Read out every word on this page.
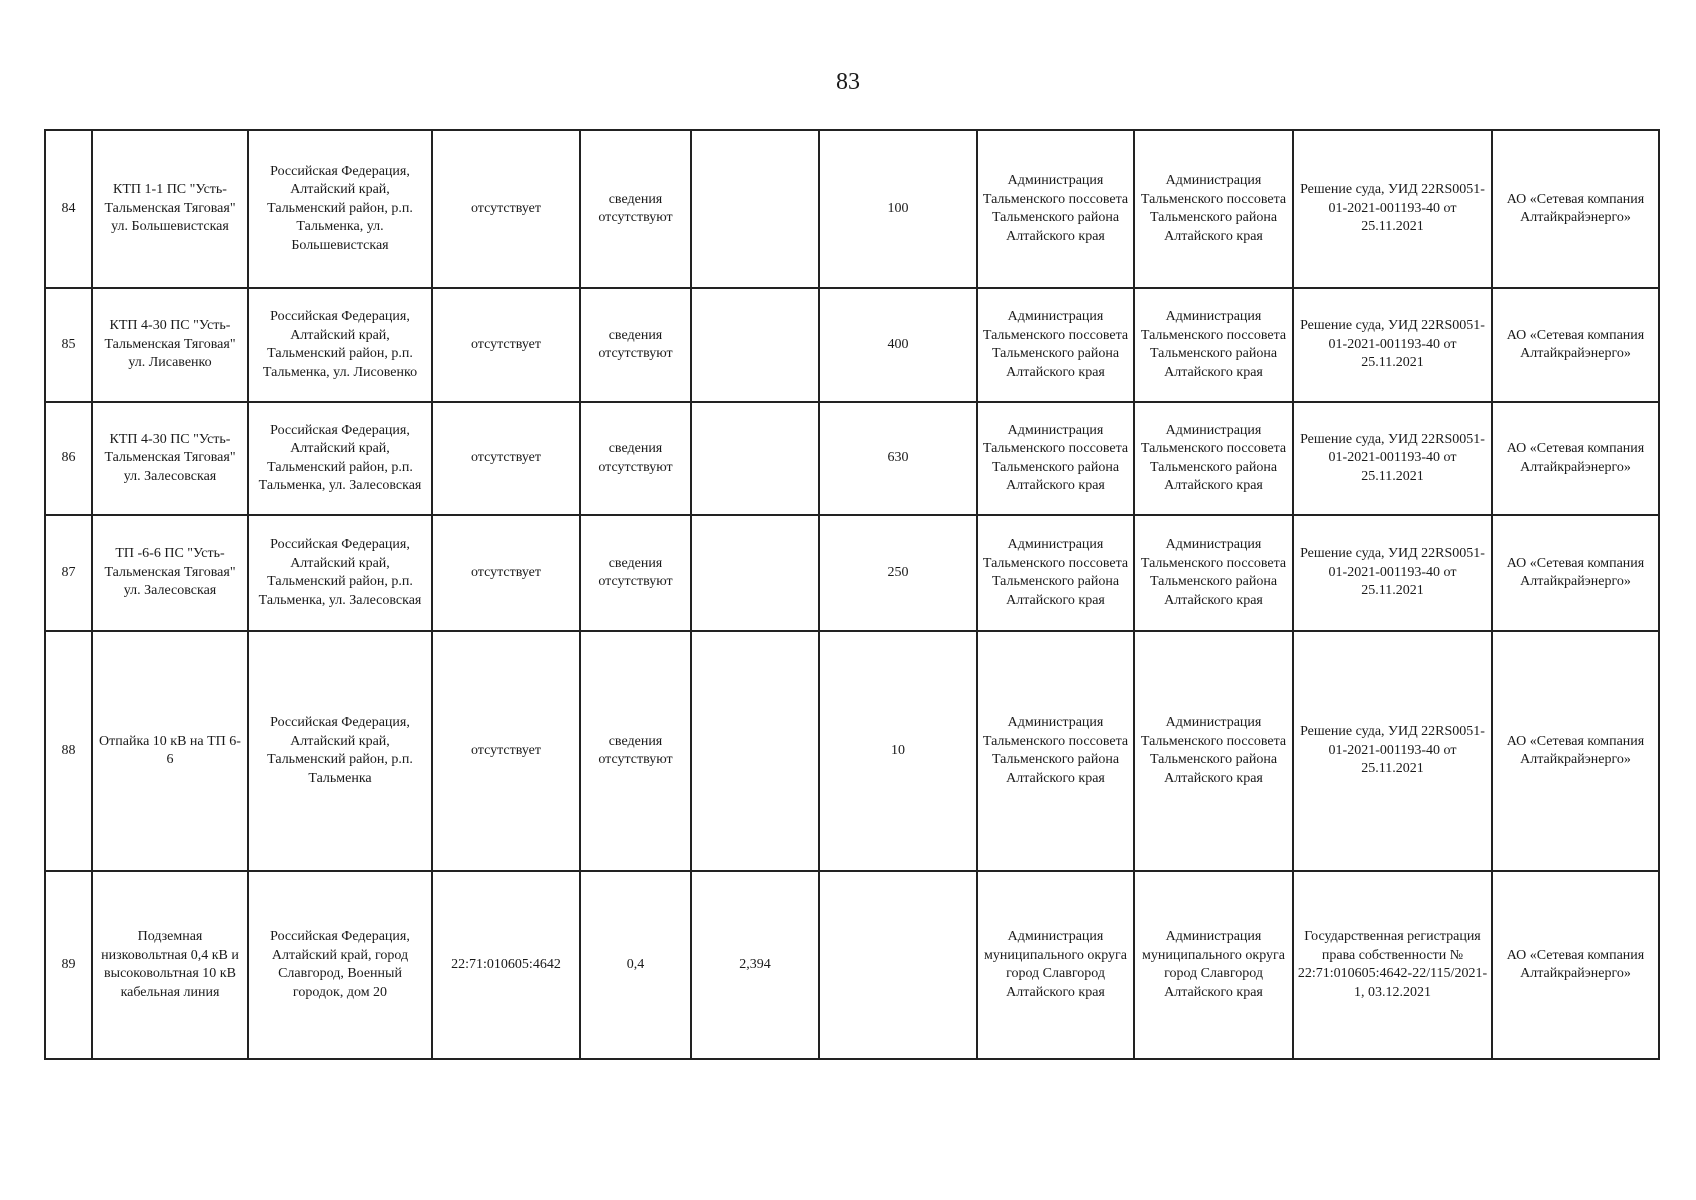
83
84	КТП 1-1 ПС "Усть-Тальменская Тяговая" ул. Большевистская	Российская Федерация, Алтайский край, Тальменский район, р.п. Тальменка, ул. Большевистская	отсутствует	сведения отсутствуют		100	Администрация Тальменского поссовета Тальменского района Алтайского края	Администрация Тальменского поссовета Тальменского района Алтайского края	Решение суда, УИД 22RS0051-01-2021-001193-40 от 25.11.2021	АО «Сетевая компания Алтайкрайэнерго»
85	КТП 4-30 ПС "Усть-Тальменская Тяговая" ул. Лисавенко	Российская Федерация, Алтайский край, Тальменский район, р.п. Тальменка, ул. Лисовенко	отсутствует	сведения отсутствуют		400	Администрация Тальменского поссовета Тальменского района Алтайского края	Администрация Тальменского поссовета Тальменского района Алтайского края	Решение суда, УИД 22RS0051-01-2021-001193-40 от 25.11.2021	АО «Сетевая компания Алтайкрайэнерго»
86	КТП 4-30 ПС "Усть-Тальменская Тяговая" ул. Залесовская	Российская Федерация, Алтайский край, Тальменский район, р.п. Тальменка, ул. Залесовская	отсутствует	сведения отсутствуют		630	Администрация Тальменского поссовета Тальменского района Алтайского края	Администрация Тальменского поссовета Тальменского района Алтайского края	Решение суда, УИД 22RS0051-01-2021-001193-40 от 25.11.2021	АО «Сетевая компания Алтайкрайэнерго»
87	ТП -6-6 ПС "Усть-Тальменская Тяговая" ул. Залесовская	Российская Федерация, Алтайский край, Тальменский район, р.п. Тальменка, ул. Залесовская	отсутствует	сведения отсутствуют		250	Администрация Тальменского поссовета Тальменского района Алтайского края	Администрация Тальменского поссовета Тальменского района Алтайского края	Решение суда, УИД 22RS0051-01-2021-001193-40 от 25.11.2021	АО «Сетевая компания Алтайкрайэнерго»
88	Отпайка 10 кВ на ТП 6-6	Российская Федерация, Алтайский край, Тальменский район, р.п. Тальменка	отсутствует	сведения отсутствуют		10	Администрация Тальменского поссовета Тальменского района Алтайского края	Администрация Тальменского поссовета Тальменского района Алтайского края	Решение суда, УИД 22RS0051-01-2021-001193-40 от 25.11.2021	АО «Сетевая компания Алтайкрайэнерго»
89	Подземная низковольтная 0,4 кВ и высоковольтная 10 кВ кабельная линия	Российская Федерация, Алтайский край, город Славгород, Военный городок, дом 20	22:71:010605:4642	0,4	2,394		Администрация муниципального округа город Славгород Алтайского края	Администрация муниципального округа город Славгород Алтайского края	Государственная регистрация права собственности № 22:71:010605:4642-22/115/2021-1, 03.12.2021	АО «Сетевая компания Алтайкрайэнерго»
